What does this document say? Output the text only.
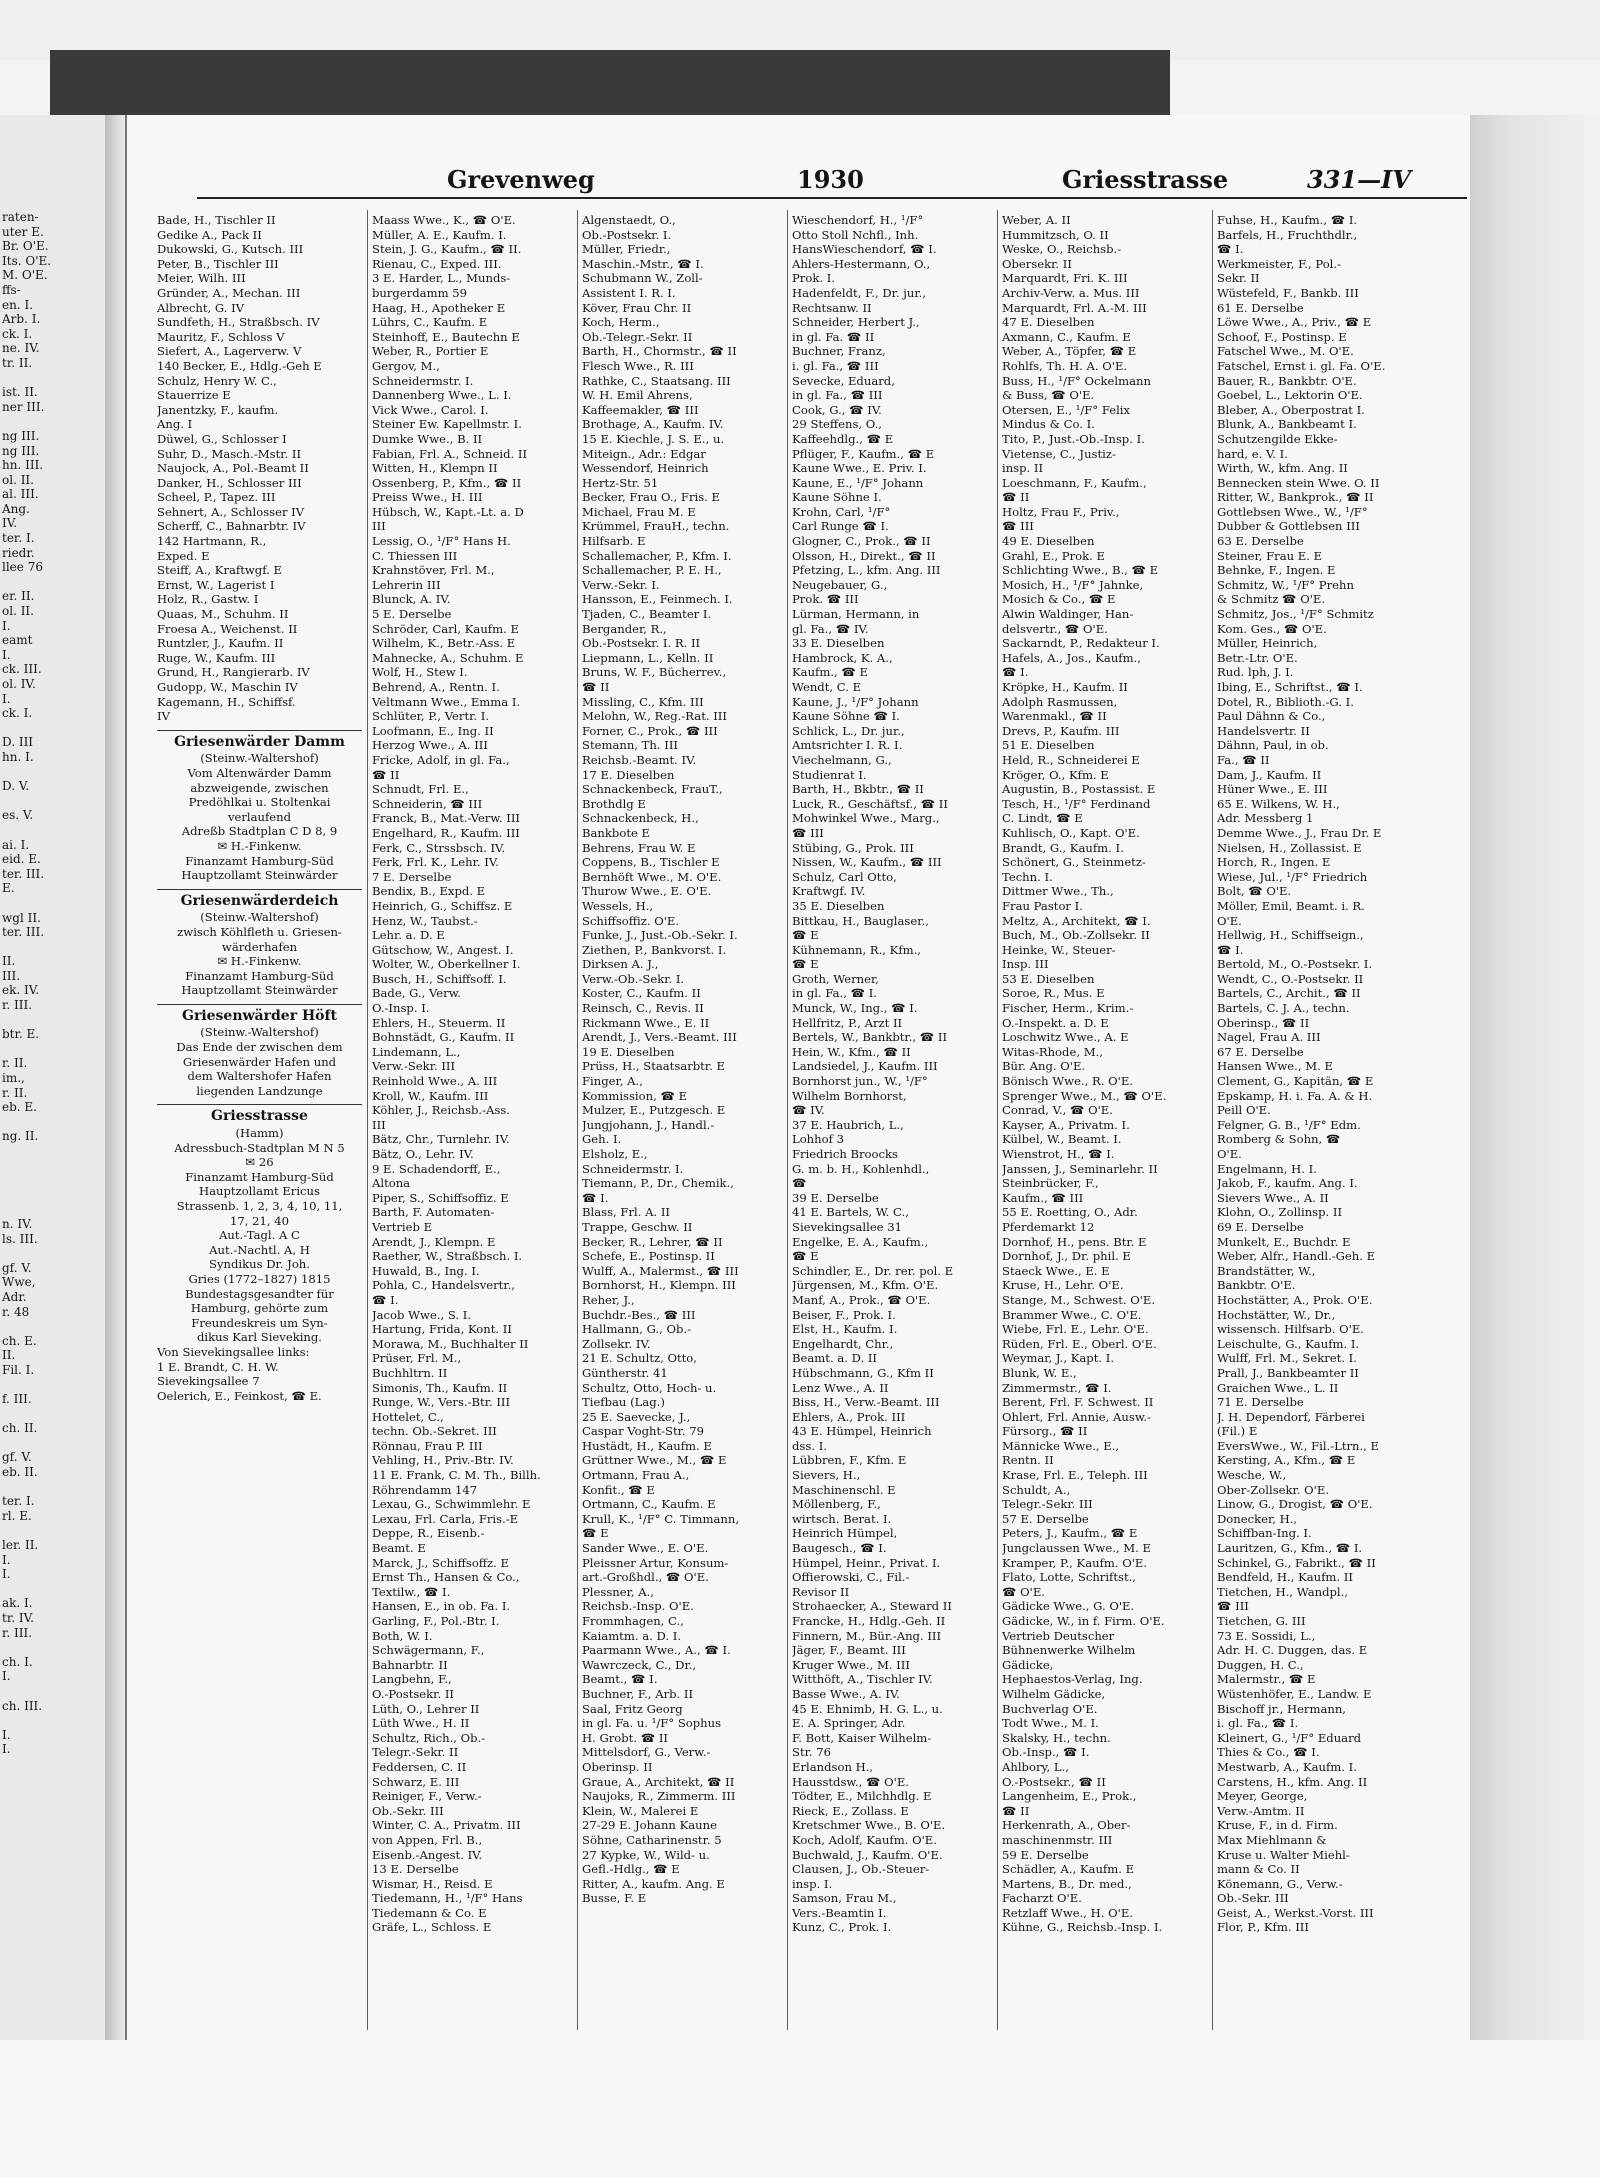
raten-
uter E.
Br. O'E.
Its. O'E.
M. O'E.
ffs-
en. I.
Arb. I.
ck. I.
ne. IV.
tr. II.

ist. II.
ner III.

ng III.
ng III.
hn. III.
ol. II.
al. III.
Ang.
IV.
ter. I.
riedr.
llee 76

er. II.
ol. II.
I.
eamt
I.
ck. III.
ol. IV.
I.
ck. I.

D. III
hn. I.

D. V.

es. V.

ai. I.
eid. E.
ter. III.
E.

wgl II.
ter. III.

II.
III.
ek. IV.
r. III.

btr. E.

r. II.
im.,
r. II.
eb. E.

ng. II.

n. IV.
ls. III.

gf. V.
Wwe,
Adr.
r. 48

ch. E.
II.
Fil. I.

f. III.

ch. II.

gf. V.
eb. II.

ter. I.
rl. E.

ler. II.
I.
I.

ak. I.
tr. IV.
r. III.

ch. I.
I.

ch. III.

I.
I.

Grevenweg	1930	Griesstrasse	331—IV
Bade, H., Tischler II
Gedike A., Pack II
Dukowski, G., Kutsch. III
Peter, B., Tischler III
Meier, Wilh. III
Gründer, A., Mechan. III
Albrecht, G. IV
Sundfeth, H., Straßbsch. IV
Mauritz, F., Schloss V
Siefert, A., Lagerverw. V
140 Becker, E., Hdlg.-Geh E
Schulz, Henry W. C.,
Stauerrize E
Janentzky, F., kaufm.
Ang. I
Düwel, G., Schlosser I
Suhr, D., Masch.-Mstr. II
Naujock, A., Pol.-Beamt II
Danker, H., Schlosser III
Scheel, P., Tapez. III
Sehnert, A., Schlosser IV
Scherff, C., Bahnarbtr. IV
142 Hartmann, R.,
Exped. E
Steiff, A., Kraftwgf. E
Ernst, W., Lagerist I
Holz, R., Gastw. I
Quaas, M., Schuhm. II
Froesa A., Weichenst. II
Runtzler, J., Kaufm. II
Ruge, W., Kaufm. III
Grund, H., Rangierarb. IV
Gudopp, W., Maschin IV
Kagemann, H., Schiffsf.
IV
Griesenwärder Damm
(Steinw.-Waltershof)
Vom Altenwärder Damm
abzweigende, zwischen
Predöhlkai u. Stoltenkai
verlaufend
Adreßb Stadtplan C D 8, 9
✉ H.-Finkenw.
Finanzamt Hamburg-Süd
Hauptzollamt Steinwärder
Griesenwärderdeich
(Steinw.-Waltershof)
zwisch Köhlfleth u. Griesen-
wärderhafen
✉ H.-Finkenw.
Finanzamt Hamburg-Süd
Hauptzollamt Steinwärder
Griesenwärder Höft
(Steinw.-Waltershof)
Das Ende der zwischen dem
Griesenwärder Hafen und
dem Waltershofer Hafen
liegenden Landzunge
Griesstrasse
(Hamm)
Adressbuch-Stadtplan M N 5
✉ 26
Finanzamt Hamburg-Süd
Hauptzollamt Ericus
Strassenb. 1, 2, 3, 4, 10, 11,
17, 21, 40
Aut.-Tagl. A C
Aut.-Nachtl. A, H
Syndikus Dr. Joh.
Gries (1772–1827) 1815
Bundestagsgesandter für
Hamburg, gehörte zum
Freundeskreis um Syn-
dikus Karl Sieveking.
Von Sievekingsallee links:
1 E. Brandt, C. H. W.
Sievekingsallee 7
Oelerich, E., Feinkost, ☎ E.
Maass Wwe., K., ☎ O'E.
Müller, A. E., Kaufm. I.
Stein, J. G., Kaufm., ☎ II.
Rienau, C., Exped. III.
3 E. Harder, L., Munds-
burgerdamm 59
Haag, H., Apotheker E
Lührs, C., Kaufm. E
Steinhoff, E., Bautechn E
Weber, R., Portier E
Gergov, M.,
Schneidermstr. I.
Dannenberg Wwe., L. I.
Vick Wwe., Carol. I.
Steiner Ew. Kapellmstr. I.
Dumke Wwe., B. II
Fabian, Frl. A., Schneid. II
Witten, H., Klempn II
Ossenberg, P., Kfm., ☎ II
Preiss Wwe., H. III
Hübsch, W., Kapt.-Lt. a. D
III
Lessig, O., ¹/F° Hans H.
C. Thiessen III
Krahnstöver, Frl. M.,
Lehrerin III
Blunck, A. IV.
5 E. Derselbe
Schröder, Carl, Kaufm. E
Wilhelm, K., Betr.-Ass. E
Mahnecke, A., Schuhm. E
Wolf, H., Stew I.
Behrend, A., Rentn. I.
Veltmann Wwe., Emma I.
Schlüter, P., Vertr. I.
Loofmann, E., Ing. II
Herzog Wwe., A. III
Fricke, Adolf, in gl. Fa.,
☎ II
Schnudt, Frl. E.,
Schneiderin, ☎ III
Franck, B., Mat.-Verw. III
Engelhard, R., Kaufm. III
Ferk, C., Strssbsch. IV.
Ferk, Frl. K., Lehr. IV.
7 E. Derselbe
Bendix, B., Expd. E
Heinrich, G., Schiffsz. E
Henz, W., Taubst.-
Lehr. a. D. E
Gütschow, W., Angest. I.
Wolter, W., Oberkellner I.
Busch, H., Schiffsoff. I.
Bade, G., Verw.
O.-Insp. I.
Ehlers, H., Steuerm. II
Bohnstädt, G., Kaufm. II
Lindemann, L.,
Verw.-Sekr. III
Reinhold Wwe., A. III
Kroll, W., Kaufm. III
Köhler, J., Reichsb.-Ass.
III
Bätz, Chr., Turnlehr. IV.
Bätz, O., Lehr. IV.
9 E. Schadendorff, E.,
Altona
Piper, S., Schiffsoffiz. E
Barth, F. Automaten-
Vertrieb E
Arendt, J., Klempn. E
Raether, W., Straßbsch. I.
Huwald, B., Ing. I.
Pohla, C., Handelsvertr.,
☎ I.
Jacob Wwe., S. I.
Hartung, Frida, Kont. II
Morawa, M., Buchhalter II
Prüser, Frl. M.,
Buchhltrn. II
Simonis, Th., Kaufm. II
Runge, W., Vers.-Btr. III
Hottelet, C.,
techn. Ob.-Sekret. III
Rönnau, Frau P. III
Vehling, H., Priv.-Btr. IV.
11 E. Frank, C. M. Th., Billh.
Röhrendamm 147
Lexau, G., Schwimmlehr. E
Lexau, Frl. Carla, Fris.-E
Deppe, R., Eisenb.-
Beamt. E
Marck, J., Schiffsoffz. E
Ernst Th., Hansen & Co.,
Textilw., ☎ I.
Hansen, E., in ob. Fa. I.
Garling, F., Pol.-Btr. I.
Both, W. I.
Schwägermann, F.,
Bahnarbtr. II
Langbehn, F.,
O.-Postsekr. II
Lüth, O., Lehrer II
Lüth Wwe., H. II
Schultz, Rich., Ob.-
Telegr.-Sekr. II
Feddersen, C. II
Schwarz, E. III
Reiniger, F., Verw.-
Ob.-Sekr. III
Winter, C. A., Privatm. III
von Appen, Frl. B.,
Eisenb.-Angest. IV.
13 E. Derselbe
Wismar, H., Reisd. E
Tiedemann, H., ¹/F° Hans
Tiedemann & Co. E
Gräfe, L., Schloss. E
Algenstaedt, O.,
Ob.-Postsekr. I.
Müller, Friedr.,
Maschin.-Mstr., ☎ I.
Schubmann W., Zoll-
Assistent I. R. I.
Köver, Frau Chr. II
Koch, Herm.,
Ob.-Telegr.-Sekr. II
Barth, H., Chormstr., ☎ II
Flesch Wwe., R. III
Rathke, C., Staatsang. III
W. H. Emil Ahrens,
Kaffeemakler, ☎ III
Brothage, A., Kaufm. IV.
15 E. Kiechle, J. S. E., u.
Miteign., Adr.: Edgar
Wessendorf, Heinrich
Hertz-Str. 51
Becker, Frau O., Fris. E
Michael, Frau M. E
Krümmel, FrauH., techn.
Hilfsarb. E
Schallemacher, P., Kfm. I.
Schallemacher, P. E. H.,
Verw.-Sekr. I.
Hansson, E., Feinmech. I.
Tjaden, C., Beamter I.
Bergander, R.,
Ob.-Postsekr. I. R. II
Liepmann, L., Kelln. II
Bruns, W. F., Bücherrev.,
☎ II
Missling, C., Kfm. III
Melohn, W., Reg.-Rat. III
Forner, C., Prok., ☎ III
Stemann, Th. III
Reichsb.-Beamt. IV.
17 E. Dieselben
Schnackenbeck, FrauT.,
Brothdlg E
Schnackenbeck, H.,
Bankbote E
Behrens, Frau W. E
Coppens, B., Tischler E
Bernhöft Wwe., M. O'E.
Thurow Wwe., E. O'E.
Wessels, H.,
Schiffsoffiz. O'E.
Funke, J., Just.-Ob.-Sekr. I.
Ziethen, P., Bankvorst. I.
Dirksen A. J.,
Verw.-Ob.-Sekr. I.
Koster, C., Kaufm. II
Reinsch, C., Revis. II
Rickmann Wwe., E. II
Arendt, J., Vers.-Beamt. III
19 E. Dieselben
Prüss, H., Staatsarbtr. E
Finger, A.,
Kommission, ☎ E
Mulzer, E., Putzgesch. E
Jungjohann, J., Handl.-
Geh. I.
Elsholz, E.,
Schneidermstr. I.
Tiemann, P., Dr., Chemik.,
☎ I.
Blass, Frl. A. II
Trappe, Geschw. II
Becker, R., Lehrer, ☎ II
Schefe, E., Postinsp. II
Wulff, A., Malermst., ☎ III
Bornhorst, H., Klempn. III
Reher, J.,
Buchdr.-Bes., ☎ III
Hallmann, G., Ob.-
Zollsekr. IV.
21 E. Schultz, Otto,
Güntherstr. 41
Schultz, Otto, Hoch- u.
Tiefbau (Lag.)
25 E. Saevecke, J.,
Caspar Voght-Str. 79
Hustädt, H., Kaufm. E
Grüttner Wwe., M., ☎ E
Ortmann, Frau A.,
Konfit., ☎ E
Ortmann, C., Kaufm. E
Krull, K., ¹/F° C. Timmann,
☎ E
Sander Wwe., E. O'E.
Pleissner Artur, Konsum-
art.-Großhdl., ☎ O'E.
Plessner, A.,
Reichsb.-Insp. O'E.
Frommhagen, C.,
Kaiamtm. a. D. I.
Paarmann Wwe., A., ☎ I.
Wawrczeck, C., Dr.,
Beamt., ☎ I.
Buchner, F., Arb. II
Saal, Fritz Georg
in gl. Fa. u. ¹/F° Sophus
H. Grobt. ☎ II
Mittelsdorf, G., Verw.-
Oberinsp. II
Graue, A., Architekt, ☎ II
Naujoks, R., Zimmerm. III
Klein, W., Malerei E
27-29 E. Johann Kaune
Söhne, Catharinenstr. 5
27 Kypke, W., Wild- u.
Gefl.-Hdlg., ☎ E
Ritter, A., kaufm. Ang. E
Busse, F. E
Wieschendorf, H., ¹/F°
Otto Stoll Nchfl., Inh.
HansWieschendorf, ☎ I.
Ahlers-Hestermann, O.,
Prok. I.
Hadenfeldt, F., Dr. jur.,
Rechtsanw. II
Schneider, Herbert J.,
in gl. Fa. ☎ II
Buchner, Franz,
i. gl. Fa., ☎ III
Sevecke, Eduard,
in gl. Fa., ☎ III
Cook, G., ☎ IV.
29 Steffens, O.,
Kaffeehdlg., ☎ E
Pflüger, F., Kaufm., ☎ E
Kaune Wwe., E. Priv. I.
Kaune, E., ¹/F° Johann
Kaune Söhne I.
Krohn, Carl, ¹/F°
Carl Runge ☎ I.
Glogner, C., Prok., ☎ II
Olsson, H., Direkt., ☎ II
Pfetzing, L., kfm. Ang. III
Neugebauer, G.,
Prok. ☎ III
Lürman, Hermann, in
gl. Fa., ☎ IV.
33 E. Dieselben
Hambrock, K. A.,
Kaufm., ☎ E
Wendt, C. E
Kaune, J., ¹/F° Johann
Kaune Söhne ☎ I.
Schlick, L., Dr. jur.,
Amtsrichter I. R. I.
Viechelmann, G.,
Studienrat I.
Barth, H., Bkbtr., ☎ II
Luck, R., Geschäftsf., ☎ II
Mohwinkel Wwe., Marg.,
☎ III
Stübing, G., Prok. III
Nissen, W., Kaufm., ☎ III
Schulz, Carl Otto,
Kraftwgf. IV.
35 E. Dieselben
Bittkau, H., Bauglaser.,
☎ E
Kühnemann, R., Kfm.,
☎ E
Groth, Werner,
in gl. Fa., ☎ I.
Munck, W., Ing., ☎ I.
Hellfritz, P., Arzt II
Bertels, W., Bankbtr., ☎ II
Hein, W., Kfm., ☎ II
Landsiedel, J., Kaufm. III
Bornhorst jun., W., ¹/F°
Wilhelm Bornhorst,
☎ IV.
37 E. Haubrich, L.,
Lohhof 3
Friedrich Broocks
G. m. b. H., Kohlenhdl.,
☎
39 E. Derselbe
41 E. Bartels, W. C.,
Sievekingsallee 31
Engelke, E. A., Kaufm.,
☎ E
Schindler, E., Dr. rer. pol. E
Jürgensen, M., Kfm. O'E.
Manf, A., Prok., ☎ O'E.
Beiser, F., Prok. I.
Elst, H., Kaufm. I.
Engelhardt, Chr.,
Beamt. a. D. II
Hübschmann, G., Kfm II
Lenz Wwe., A. II
Biss, H., Verw.-Beamt. III
Ehlers, A., Prok. III
43 E. Hümpel, Heinrich
dss. I.
Lübbren, F., Kfm. E
Sievers, H.,
Maschinenschl. E
Möllenberg, F.,
wirtsch. Berat. I.
Heinrich Hümpel,
Baugesch., ☎ I.
Hümpel, Heinr., Privat. I.
Offierowski, C., Fil.-
Revisor II
Strohaecker, A., Steward II
Francke, H., Hdlg.-Geh. II
Finnern, M., Bür.-Ang. III
Jäger, F., Beamt. III
Kruger Wwe., M. III
Witthöft, A., Tischler IV.
Basse Wwe., A. IV.
45 E. Ehnimb, H. G. L., u.
E. A. Springer, Adr.
F. Bott, Kaiser Wilhelm-
Str. 76
Erlandson H.,
Hausstdsw., ☎ O'E.
Tödter, E., Milchhdlg. E
Rieck, E., Zollass. E
Kretschmer Wwe., B. O'E.
Koch, Adolf, Kaufm. O'E.
Buchwald, J., Kaufm. O'E.
Clausen, J., Ob.-Steuer-
insp. I.
Samson, Frau M.,
Vers.-Beamtin I.
Kunz, C., Prok. I.
Weber, A. II
Hummitzsch, O. II
Weske, O., Reichsb.-
Obersekr. II
Marquardt, Fri. K. III
Archiv-Verw. a. Mus. III
Marquardt, Frl. A.-M. III
47 E. Dieselben
Axmann, C., Kaufm. E
Weber, A., Töpfer, ☎ E
Rohlfs, Th. H. A. O'E.
Buss, H., ¹/F° Ockelmann
& Buss, ☎ O'E.
Otersen, E., ¹/F° Felix
Mindus & Co. I.
Tito, P., Just.-Ob.-Insp. I.
Vietense, C., Justiz-
insp. II
Loeschmann, F., Kaufm.,
☎ II
Holtz, Frau F., Priv.,
☎ III
49 E. Dieselben
Grahl, E., Prok. E
Schlichting Wwe., B., ☎ E
Mosich, H., ¹/F° Jahnke,
Mosich & Co., ☎ E
Alwin Waldinger, Han-
delsvertr., ☎ O'E.
Sackarndt, P., Redakteur I.
Hafels, A., Jos., Kaufm.,
☎ I.
Kröpke, H., Kaufm. II
Adolph Rasmussen,
Warenmakl., ☎ II
Drevs, P., Kaufm. III
51 E. Dieselben
Held, R., Schneiderei E
Kröger, O., Kfm. E
Augustin, B., Postassist. E
Tesch, H., ¹/F° Ferdinand
C. Lindt, ☎ E
Kuhlisch, O., Kapt. O'E.
Brandt, G., Kaufm. I.
Schönert, G., Steinmetz-
Techn. I.
Dittmer Wwe., Th.,
Frau Pastor I.
Meltz, A., Architekt, ☎ I.
Buch, M., Ob.-Zollsekr. II
Heinke, W., Steuer-
Insp. III
53 E. Dieselben
Soroe, R., Mus. E
Fischer, Herm., Krim.-
O.-Inspekt. a. D. E
Loschwitz Wwe., A. E
Witas-Rhode, M.,
Bür. Ang. O'E.
Bönisch Wwe., R. O'E.
Sprenger Wwe., M., ☎ O'E.
Conrad, V., ☎ O'E.
Kayser, A., Privatm. I.
Külbel, W., Beamt. I.
Wienstrot, H., ☎ I.
Janssen, J., Seminarlehr. II
Steinbrücker, F.,
Kaufm., ☎ III
55 E. Roetting, O., Adr.
Pferdemarkt 12
Dornhof, H., pens. Btr. E
Dornhof, J., Dr. phil. E
Staeck Wwe., E. E
Kruse, H., Lehr. O'E.
Stange, M., Schwest. O'E.
Brammer Wwe., C. O'E.
Wiebe, Frl. E., Lehr. O'E.
Rüden, Frl. E., Oberl. O'E.
Weymar, J., Kapt. I.
Blunk, W. E.,
Zimmermstr., ☎ I.
Berent, Frl. F. Schwest. II
Ohlert, Frl. Annie, Ausw.-
Fürsorg., ☎ II
Männicke Wwe., E.,
Rentn. II
Krase, Frl. E., Teleph. III
Schuldt, A.,
Telegr.-Sekr. III
57 E. Derselbe
Peters, J., Kaufm., ☎ E
Jungclaussen Wwe., M. E
Kramper, P., Kaufm. O'E.
Flato, Lotte, Schriftst.,
☎ O'E.
Gädicke Wwe., G. O'E.
Gädicke, W., in f. Firm. O'E.
Vertrieb Deutscher
Bühnenwerke Wilhelm
Gädicke,
Hephaestos-Verlag, Ing.
Wilhelm Gädicke,
Buchverlag O'E.
Todt Wwe., M. I.
Skalsky, H., techn.
Ob.-Insp., ☎ I.
Ahlbory, L.,
O.-Postsekr., ☎ II
Langenheim, E., Prok.,
☎ II
Herkenrath, A., Ober-
maschinenmstr. III
59 E. Derselbe
Schädler, A., Kaufm. E
Martens, B., Dr. med.,
Facharzt O'E.
Retzlaff Wwe., H. O'E.
Kühne, G., Reichsb.-Insp. I.
Fuhse, H., Kaufm., ☎ I.
Barfels, H., Fruchthdlr.,
☎ I.
Werkmeister, F., Pol.-
Sekr. II
Wüstefeld, F., Bankb. III
61 E. Derselbe
Löwe Wwe., A., Priv., ☎ E
Schoof, F., Postinsp. E
Fatschel Wwe., M. O'E.
Fatschel, Ernst i. gl. Fa. O'E.
Bauer, R., Bankbtr. O'E.
Goebel, L., Lektorin O'E.
Bleber, A., Oberpostrat I.
Blunk, A., Bankbeamt I.
Schutzengilde Ekke-
hard, e. V. I.
Wirth, W., kfm. Ang. II
Bennecken stein Wwe. O. II
Ritter, W., Bankprok., ☎ II
Gottlebsen Wwe., W., ¹/F°
Dubber & Gottlebsen III
63 E. Derselbe
Steiner, Frau E. E
Behnke, F., Ingen. E
Schmitz, W., ¹/F° Prehn
& Schmitz ☎ O'E.
Schmitz, Jos., ¹/F° Schmitz
Kom. Ges., ☎ O'E.
Müller, Heinrich,
Betr.-Ltr. O'E.
Rud. lph, J. I.
Ibing, E., Schriftst., ☎ I.
Dotel, R., Biblioth.-G. I.
Paul Dähnn & Co.,
Handelsvertr. II
Dähnn, Paul, in ob.
Fa., ☎ II
Dam, J., Kaufm. II
Hüner Wwe., E. III
65 E. Wilkens, W. H.,
Adr. Messberg 1
Demme Wwe., J., Frau Dr. E
Nielsen, H., Zollassist. E
Horch, R., Ingen. E
Wiese, Jul., ¹/F° Friedrich
Bolt, ☎ O'E.
Möller, Emil, Beamt. i. R.
O'E.
Hellwig, H., Schiffseign.,
☎ I.
Bertold, M., O.-Postsekr. I.
Wendt, C., O.-Postsekr. II
Bartels, C., Archit., ☎ II
Bartels, C. J. A., techn.
Oberinsp., ☎ II
Nagel, Frau A. III
67 E. Derselbe
Hansen Wwe., M. E
Clement, G., Kapitän, ☎ E
Epskamp, H. i. Fa. A. & H.
Peill O'E.
Felgner, G. B., ¹/F° Edm.
Romberg & Sohn, ☎
O'E.
Engelmann, H. I.
Jakob, F., kaufm. Ang. I.
Sievers Wwe., A. II
Klohn, O., Zollinsp. II
69 E. Derselbe
Munkelt, E., Buchdr. E
Weber, Alfr., Handl.-Geh. E
Brandstätter, W.,
Bankbtr. O'E.
Hochstätter, A., Prok. O'E.
Hochstätter, W., Dr.,
wissensch. Hilfsarb. O'E.
Leischulte, G., Kaufm. I.
Wulff, Frl. M., Sekret. I.
Prall, J., Bankbeamter II
Graichen Wwe., L. II
71 E. Derselbe
J. H. Dependorf, Färberei
(Fil.) E
EversWwe., W., Fil.-Ltrn., E
Kersting, A., Kfm., ☎ E
Wesche, W.,
Ober-Zollsekr. O'E.
Linow, G., Drogist, ☎ O'E.
Donecker, H.,
Schiffban-Ing. I.
Lauritzen, G., Kfm., ☎ I.
Schinkel, G., Fabrikt., ☎ II
Bendfeld, H., Kaufm. II
Tietchen, H., Wandpl.,
☎ III
Tietchen, G. III
73 E. Sossidi, L.,
Adr. H. C. Duggen, das. E
Duggen, H. C.,
Malermstr., ☎ E
Wüstenhöfer, E., Landw. E
Bischoff jr., Hermann,
i. gl. Fa., ☎ I.
Kleinert, G., ¹/F° Eduard
Thies & Co., ☎ I.
Mestwarb, A., Kaufm. I.
Carstens, H., kfm. Ang. II
Meyer, George,
Verw.-Amtm. II
Kruse, F., in d. Firm.
Max Miehlmann &
Kruse u. Walter Miehl-
mann & Co. II
Könemann, G., Verw.-
Ob.-Sekr. III
Geist, A., Werkst.-Vorst. III
Flor, P., Kfm. III
